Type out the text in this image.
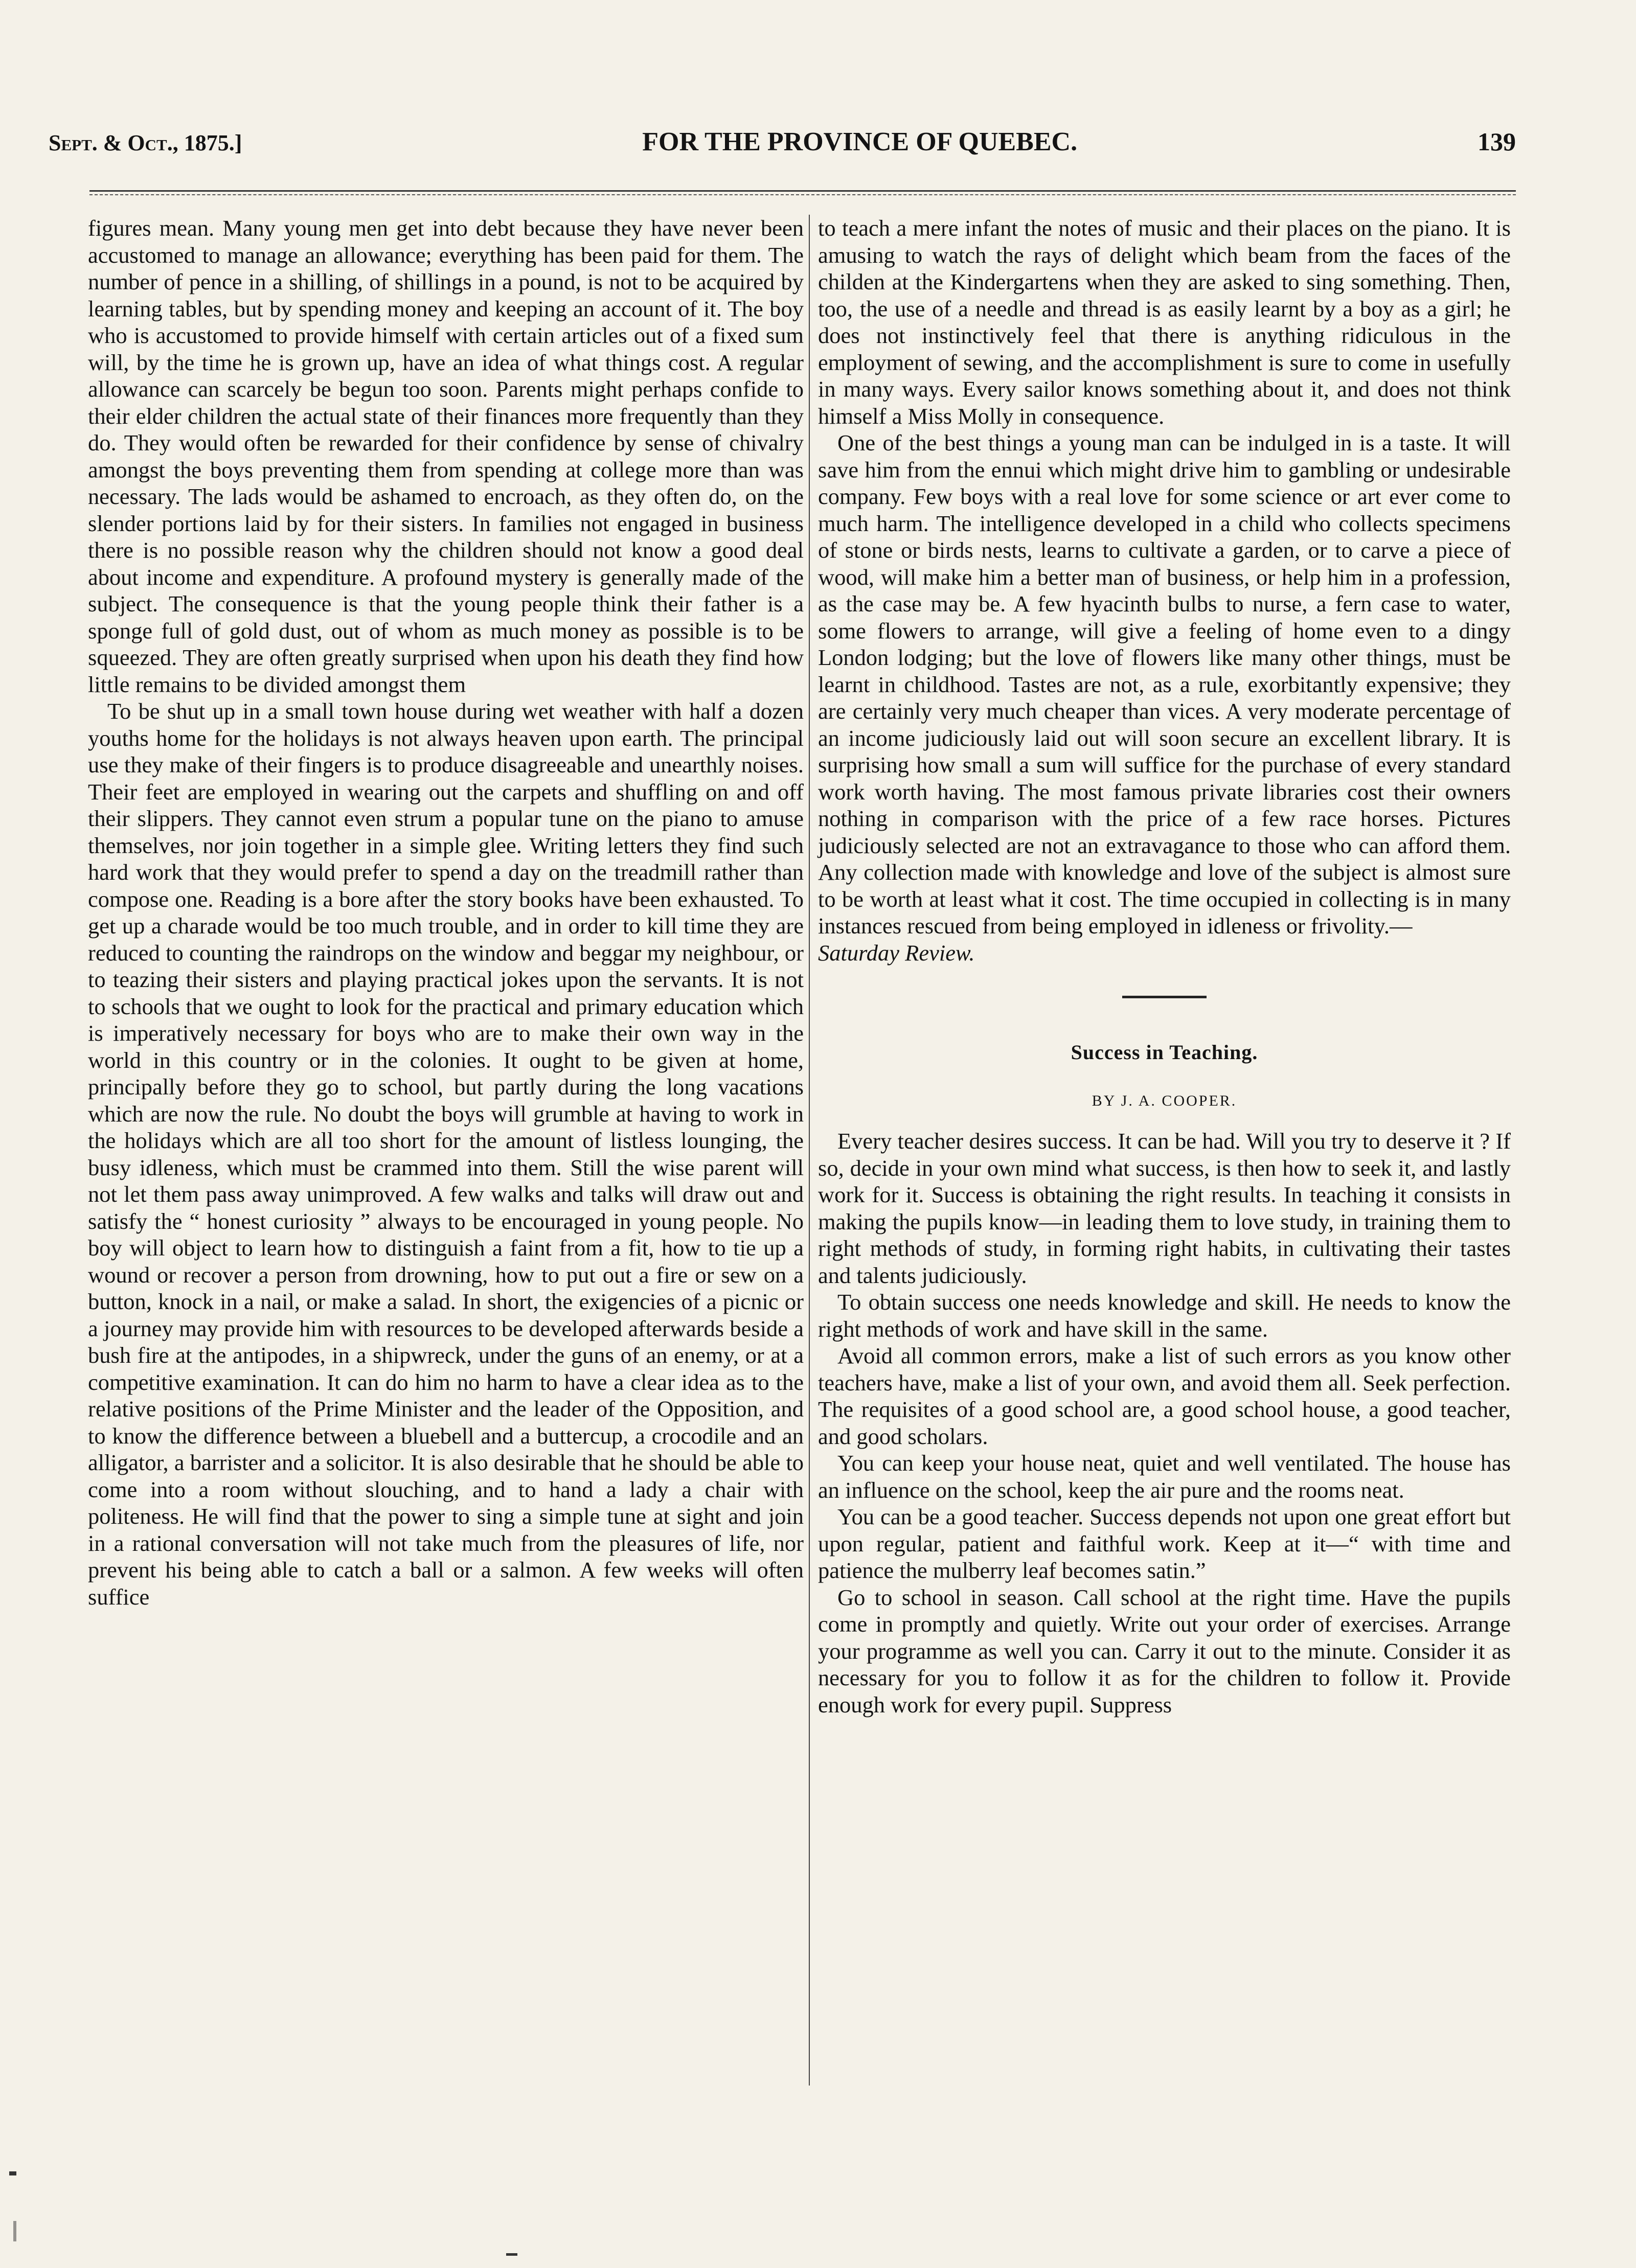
Sept. & Oct., 1875.]	FOR THE PROVINCE OF QUEBEC.	139

figures mean. Many young men get into debt because they have never been accustomed to manage an allowance; everything has been paid for them. The number of pence in a shilling, of shillings in a pound, is not to be acquired by learning tables, but by spending money and keeping an account of it. The boy who is accustomed to provide himself with certain articles out of a fixed sum will, by the time he is grown up, have an idea of what things cost. A regular allowance can scarcely be begun too soon. Parents might perhaps confide to their elder children the actual state of their finances more frequently than they do. They would often be rewarded for their confidence by sense of chivalry amongst the boys preventing them from spending at college more than was necessary. The lads would be ashamed to encroach, as they often do, on the slender portions laid by for their sisters. In families not engaged in business there is no possible reason why the children should not know a good deal about income and expenditure. A profound mystery is generally made of the subject. The consequence is that the young people think their father is a sponge full of gold dust, out of whom as much money as possible is to be squeezed. They are often greatly surprised when upon his death they find how little remains to be divided amongst them

To be shut up in a small town house during wet weather with half a dozen youths home for the holidays is not always heaven upon earth. The principal use they make of their fingers is to produce disagreeable and unearthly noises. Their feet are employed in wearing out the carpets and shuffling on and off their slippers. They cannot even strum a popular tune on the piano to amuse themselves, nor join together in a simple glee. Writing letters they find such hard work that they would prefer to spend a day on the treadmill rather than compose one. Reading is a bore after the story books have been exhausted. To get up a charade would be too much trouble, and in order to kill time they are reduced to counting the raindrops on the window and beggar my neighbour, or to teazing their sisters and playing practical jokes upon the servants. It is not to schools that we ought to look for the practical and primary education which is imperatively necessary for boys who are to make their own way in the world in this country or in the colonies. It ought to be given at home, principally before they go to school, but partly during the long vacations which are now the rule. No doubt the boys will grumble at having to work in the holidays which are all too short for the amount of listless lounging, the busy idleness, which must be crammed into them. Still the wise parent will not let them pass away unimproved. A few walks and talks will draw out and satisfy the “ honest curiosity ” always to be encouraged in young people. No boy will object to learn how to distinguish a faint from a fit, how to tie up a wound or recover a person from drowning, how to put out a fire or sew on a button, knock in a nail, or make a salad. In short, the exigencies of a picnic or a journey may provide him with resources to be developed afterwards beside a bush fire at the antipodes, in a shipwreck, under the guns of an enemy, or at a competitive examination. It can do him no harm to have a clear idea as to the relative positions of the Prime Minister and the leader of the Opposition, and to know the difference between a bluebell and a buttercup, a crocodile and an alligator, a barrister and a solicitor. It is also desirable that he should be able to come into a room without slouching, and to hand a lady a chair with politeness. He will find that the power to sing a simple tune at sight and join in a rational conversation will not take much from the pleasures of life, nor prevent his being able to catch a ball or a salmon. A few weeks will often suffice

to teach a mere infant the notes of music and their places on the piano. It is amusing to watch the rays of delight which beam from the faces of the childen at the Kindergartens when they are asked to sing something. Then, too, the use of a needle and thread is as easily learnt by a boy as a girl; he does not instinctively feel that there is anything ridiculous in the employment of sewing, and the accomplishment is sure to come in usefully in many ways. Every sailor knows something about it, and does not think himself a Miss Molly in consequence.

One of the best things a young man can be indulged in is a taste. It will save him from the ennui which might drive him to gambling or undesirable company. Few boys with a real love for some science or art ever come to much harm. The intelligence developed in a child who collects specimens of stone or birds nests, learns to cultivate a garden, or to carve a piece of wood, will make him a better man of business, or help him in a profession, as the case may be. A few hyacinth bulbs to nurse, a fern case to water, some flowers to arrange, will give a feeling of home even to a dingy London lodging; but the love of flowers like many other things, must be learnt in childhood. Tastes are not, as a rule, exorbitantly expensive; they are certainly very much cheaper than vices. A very moderate percentage of an income judiciously laid out will soon secure an excellent library. It is surprising how small a sum will suffice for the purchase of every standard work worth having. The most famous private libraries cost their owners nothing in comparison with the price of a few race horses. Pictures judiciously selected are not an extravagance to those who can afford them. Any collection made with knowledge and love of the subject is almost sure to be worth at least what it cost. The time occupied in collecting is in many instances rescued from being employed in idleness or frivolity.—

Saturday Review.

Success in Teaching.
BY J. A. COOPER.

Every teacher desires success. It can be had. Will you try to deserve it ? If so, decide in your own mind what success, is then how to seek it, and lastly work for it. Success is obtaining the right results. In teaching it consists in making the pupils know—in leading them to love study, in training them to right methods of study, in forming right habits, in cultivating their tastes and talents judiciously.

To obtain success one needs knowledge and skill. He needs to know the right methods of work and have skill in the same.

Avoid all common errors, make a list of such errors as you know other teachers have, make a list of your own, and avoid them all. Seek perfection. The requisites of a good school are, a good school house, a good teacher, and good scholars.

You can keep your house neat, quiet and well ventilated. The house has an influence on the school, keep the air pure and the rooms neat.

You can be a good teacher. Success depends not upon one great effort but upon regular, patient and faithful work. Keep at it—“ with time and patience the mulberry leaf becomes satin.”

Go to school in season. Call school at the right time. Have the pupils come in promptly and quietly. Write out your order of exercises. Arrange your programme as well you can. Carry it out to the minute. Consider it as necessary for you to follow it as for the children to follow it. Provide enough work for every pupil. Suppress
